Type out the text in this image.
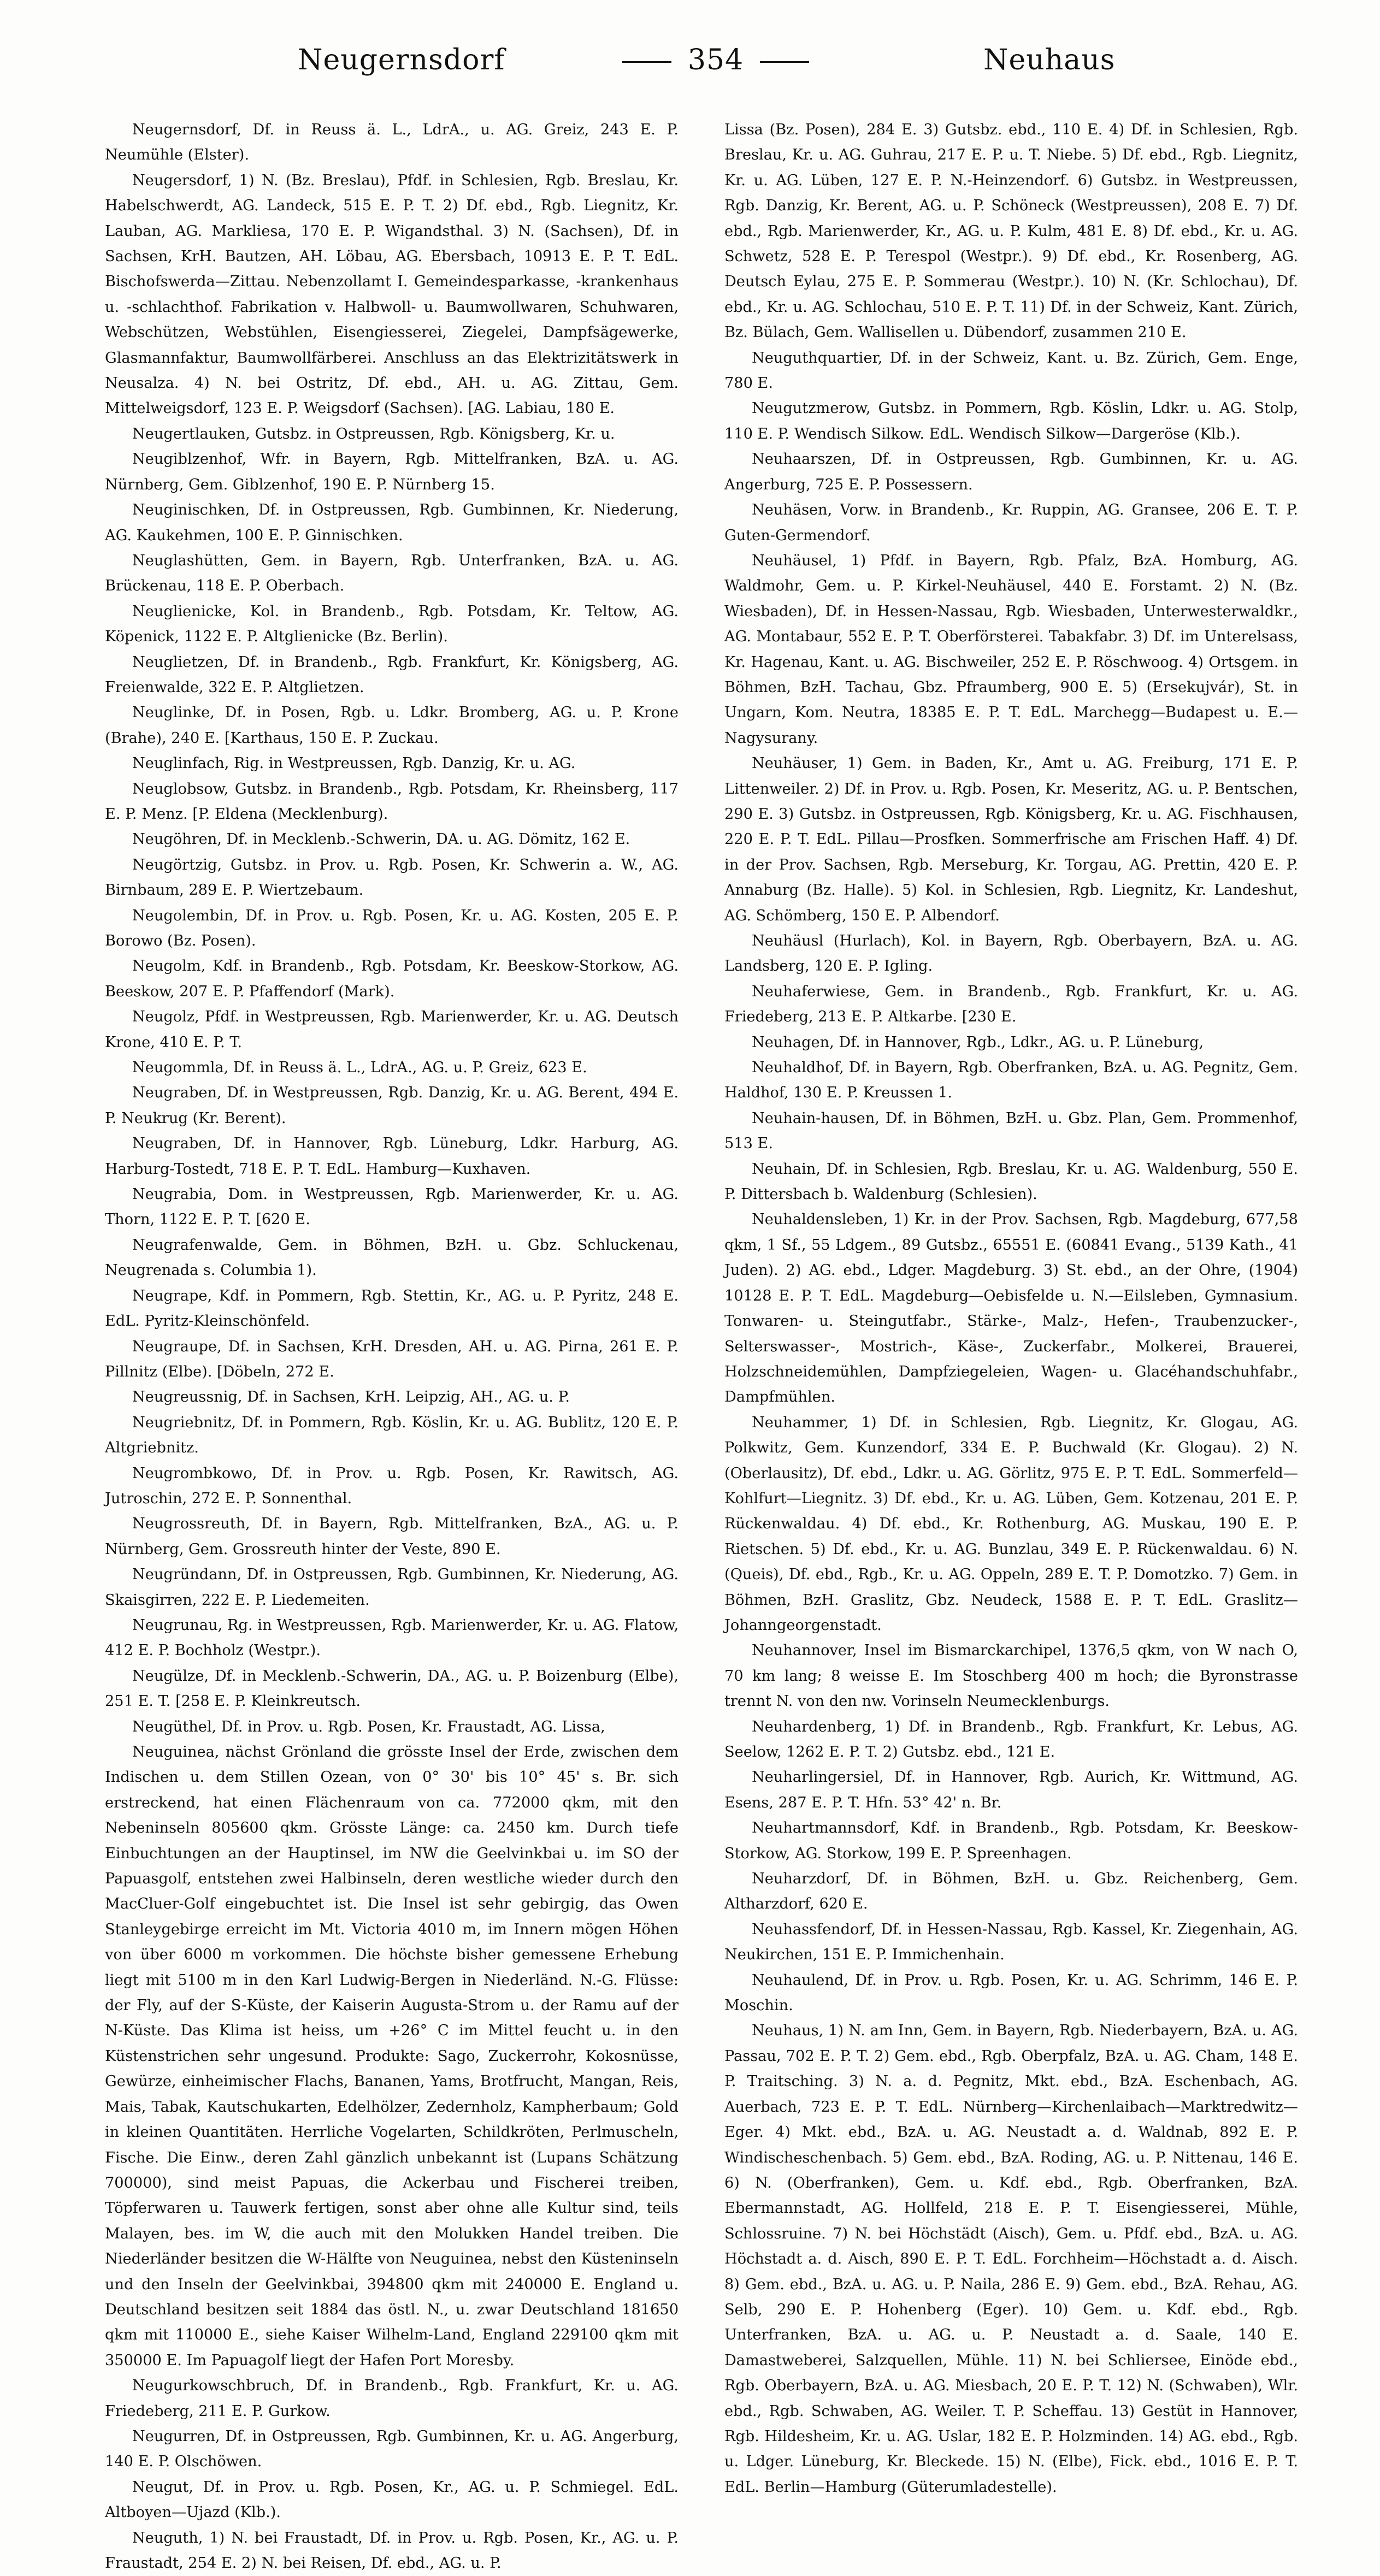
Neugernsdorf	354	Neuhaus

Neugernsdorf, Df. in Reuss ä. L., LdrA., u. AG. Greiz, 243 E. P. Neumühle (Elster).

Neugersdorf, 1) N. (Bz. Breslau), Pfdf. in Schlesien, Rgb. Breslau, Kr. Habelschwerdt, AG. Landeck, 515 E. P. T. 2) Df. ebd., Rgb. Liegnitz, Kr. Lauban, AG. Markliesa, 170 E. P. Wigandsthal. 3) N. (Sachsen), Df. in Sachsen, KrH. Bautzen, AH. Löbau, AG. Ebersbach, 10913 E. P. T. EdL. Bischofswerda—Zittau. Nebenzollamt I. Gemeindesparkasse, -krankenhaus u. -schlachthof. Fabrikation v. Halbwoll- u. Baumwollwaren, Schuhwaren, Webschützen, Webstühlen, Eisengiesserei, Ziegelei, Dampfsägewerke, Glasmannfaktur, Baumwollfärberei. Anschluss an das Elektrizitätswerk in Neusalza. 4) N. bei Ostritz, Df. ebd., AH. u. AG. Zittau, Gem. Mittelweigsdorf, 123 E. P. Weigsdorf (Sachsen). [AG. Labiau, 180 E.

Neugertlauken, Gutsbz. in Ostpreussen, Rgb. Königsberg, Kr. u.

Neugiblzenhof, Wfr. in Bayern, Rgb. Mittelfranken, BzA. u. AG. Nürnberg, Gem. Giblzenhof, 190 E. P. Nürnberg 15.

Neuginischken, Df. in Ostpreussen, Rgb. Gumbinnen, Kr. Niederung, AG. Kaukehmen, 100 E. P. Ginnischken.

Neuglashütten, Gem. in Bayern, Rgb. Unterfranken, BzA. u. AG. Brückenau, 118 E. P. Oberbach.

Neuglienicke, Kol. in Brandenb., Rgb. Potsdam, Kr. Teltow, AG. Köpenick, 1122 E. P. Altglienicke (Bz. Berlin).

Neuglietzen, Df. in Brandenb., Rgb. Frankfurt, Kr. Königsberg, AG. Freienwalde, 322 E. P. Altglietzen.

Neuglinke, Df. in Posen, Rgb. u. Ldkr. Bromberg, AG. u. P. Krone (Brahe), 240 E. [Karthaus, 150 E. P. Zuckau.

Neuglinfach, Rig. in Westpreussen, Rgb. Danzig, Kr. u. AG.

Neuglobsow, Gutsbz. in Brandenb., Rgb. Potsdam, Kr. Rheinsberg, 117 E. P. Menz. [P. Eldena (Mecklenburg).

Neugöhren, Df. in Mecklenb.-Schwerin, DA. u. AG. Dömitz, 162 E.

Neugörtzig, Gutsbz. in Prov. u. Rgb. Posen, Kr. Schwerin a. W., AG. Birnbaum, 289 E. P. Wiertzebaum.

Neugolembin, Df. in Prov. u. Rgb. Posen, Kr. u. AG. Kosten, 205 E. P. Borowo (Bz. Posen).

Neugolm, Kdf. in Brandenb., Rgb. Potsdam, Kr. Beeskow-Storkow, AG. Beeskow, 207 E. P. Pfaffendorf (Mark).

Neugolz, Pfdf. in Westpreussen, Rgb. Marienwerder, Kr. u. AG. Deutsch Krone, 410 E. P. T.

Neugommla, Df. in Reuss ä. L., LdrA., AG. u. P. Greiz, 623 E.

Neugraben, Df. in Westpreussen, Rgb. Danzig, Kr. u. AG. Berent, 494 E. P. Neukrug (Kr. Berent).

Neugraben, Df. in Hannover, Rgb. Lüneburg, Ldkr. Harburg, AG. Harburg-Tostedt, 718 E. P. T. EdL. Hamburg—Kuxhaven.

Neugrabia, Dom. in Westpreussen, Rgb. Marienwerder, Kr. u. AG. Thorn, 1122 E. P. T. [620 E.

Neugrafenwalde, Gem. in Böhmen, BzH. u. Gbz. Schluckenau, Neugrenada s. Columbia 1).

Neugrape, Kdf. in Pommern, Rgb. Stettin, Kr., AG. u. P. Pyritz, 248 E. EdL. Pyritz-Kleinschönfeld.

Neugraupe, Df. in Sachsen, KrH. Dresden, AH. u. AG. Pirna, 261 E. P. Pillnitz (Elbe). [Döbeln, 272 E.

Neugreussnig, Df. in Sachsen, KrH. Leipzig, AH., AG. u. P.

Neugriebnitz, Df. in Pommern, Rgb. Köslin, Kr. u. AG. Bublitz, 120 E. P. Altgriebnitz.

Neugrombkowo, Df. in Prov. u. Rgb. Posen, Kr. Rawitsch, AG. Jutroschin, 272 E. P. Sonnenthal.

Neugrossreuth, Df. in Bayern, Rgb. Mittelfranken, BzA., AG. u. P. Nürnberg, Gem. Grossreuth hinter der Veste, 890 E.

Neugründann, Df. in Ostpreussen, Rgb. Gumbinnen, Kr. Niederung, AG. Skaisgirren, 222 E. P. Liedemeiten.

Neugrunau, Rg. in Westpreussen, Rgb. Marienwerder, Kr. u. AG. Flatow, 412 E. P. Bochholz (Westpr.).

Neugülze, Df. in Mecklenb.-Schwerin, DA., AG. u. P. Boizenburg (Elbe), 251 E. T. [258 E. P. Kleinkreutsch.

Neugüthel, Df. in Prov. u. Rgb. Posen, Kr. Fraustadt, AG. Lissa,

Neuguinea, nächst Grönland die grösste Insel der Erde, zwischen dem Indischen u. dem Stillen Ozean, von 0° 30' bis 10° 45' s. Br. sich erstreckend, hat einen Flächenraum von ca. 772000 qkm, mit den Nebeninseln 805600 qkm. Grösste Länge: ca. 2450 km. Durch tiefe Einbuchtungen an der Hauptinsel, im NW die Geelvinkbai u. im SO der Papuasgolf, entstehen zwei Halbinseln, deren westliche wieder durch den MacCluer-Golf eingebuchtet ist. Die Insel ist sehr gebirgig, das Owen Stanleygebirge erreicht im Mt. Victoria 4010 m, im Innern mögen Höhen von über 6000 m vorkommen. Die höchste bisher gemessene Erhebung liegt mit 5100 m in den Karl Ludwig-Bergen in Niederländ. N.-G. Flüsse: der Fly, auf der S-Küste, der Kaiserin Augusta-Strom u. der Ramu auf der N-Küste. Das Klima ist heiss, um +26° C im Mittel feucht u. in den Küstenstrichen sehr ungesund. Produkte: Sago, Zuckerrohr, Kokosnüsse, Gewürze, einheimischer Flachs, Bananen, Yams, Brotfrucht, Mangan, Reis, Mais, Tabak, Kautschukarten, Edelhölzer, Zedernholz, Kampherbaum; Gold in kleinen Quantitäten. Herrliche Vogelarten, Schildkröten, Perlmuscheln, Fische. Die Einw., deren Zahl gänzlich unbekannt ist (Lupans Schätzung 700000), sind meist Papuas, die Ackerbau und Fischerei treiben, Töpferwaren u. Tauwerk fertigen, sonst aber ohne alle Kultur sind, teils Malayen, bes. im W, die auch mit den Molukken Handel treiben. Die Niederländer besitzen die W-Hälfte von Neuguinea, nebst den Küsteninseln und den Inseln der Geelvinkbai, 394800 qkm mit 240000 E. England u. Deutschland besitzen seit 1884 das östl. N., u. zwar Deutschland 181650 qkm mit 110000 E., siehe Kaiser Wilhelm-Land, England 229100 qkm mit 350000 E. Im Papuagolf liegt der Hafen Port Moresby.

Neugurkowschbruch, Df. in Brandenb., Rgb. Frankfurt, Kr. u. AG. Friedeberg, 211 E. P. Gurkow.

Neugurren, Df. in Ostpreussen, Rgb. Gumbinnen, Kr. u. AG. Angerburg, 140 E. P. Olschöwen.

Neugut, Df. in Prov. u. Rgb. Posen, Kr., AG. u. P. Schmiegel. EdL. Altboyen—Ujazd (Klb.).

Neuguth, 1) N. bei Fraustadt, Df. in Prov. u. Rgb. Posen, Kr., AG. u. P. Fraustadt, 254 E. 2) N. bei Reisen, Df. ebd., AG. u. P.

Lissa (Bz. Posen), 284 E. 3) Gutsbz. ebd., 110 E. 4) Df. in Schlesien, Rgb. Breslau, Kr. u. AG. Guhrau, 217 E. P. u. T. Niebe. 5) Df. ebd., Rgb. Liegnitz, Kr. u. AG. Lüben, 127 E. P. N.-Heinzendorf. 6) Gutsbz. in Westpreussen, Rgb. Danzig, Kr. Berent, AG. u. P. Schöneck (Westpreussen), 208 E. 7) Df. ebd., Rgb. Marienwerder, Kr., AG. u. P. Kulm, 481 E. 8) Df. ebd., Kr. u. AG. Schwetz, 528 E. P. Terespol (Westpr.). 9) Df. ebd., Kr. Rosenberg, AG. Deutsch Eylau, 275 E. P. Sommerau (Westpr.). 10) N. (Kr. Schlochau), Df. ebd., Kr. u. AG. Schlochau, 510 E. P. T. 11) Df. in der Schweiz, Kant. Zürich, Bz. Bülach, Gem. Wallisellen u. Dübendorf, zusammen 210 E.

Neuguthquartier, Df. in der Schweiz, Kant. u. Bz. Zürich, Gem. Enge, 780 E.

Neugutzmerow, Gutsbz. in Pommern, Rgb. Köslin, Ldkr. u. AG. Stolp, 110 E. P. Wendisch Silkow. EdL. Wendisch Silkow—Dargeröse (Klb.).

Neuhaarszen, Df. in Ostpreussen, Rgb. Gumbinnen, Kr. u. AG. Angerburg, 725 E. P. Possessern.

Neuhäsen, Vorw. in Brandenb., Kr. Ruppin, AG. Gransee, 206 E. T. P. Guten-Germendorf.

Neuhäusel, 1) Pfdf. in Bayern, Rgb. Pfalz, BzA. Homburg, AG. Waldmohr, Gem. u. P. Kirkel-Neuhäusel, 440 E. Forstamt. 2) N. (Bz. Wiesbaden), Df. in Hessen-Nassau, Rgb. Wiesbaden, Unterwesterwaldkr., AG. Montabaur, 552 E. P. T. Oberförsterei. Tabakfabr. 3) Df. im Unterelsass, Kr. Hagenau, Kant. u. AG. Bischweiler, 252 E. P. Röschwoog. 4) Ortsgem. in Böhmen, BzH. Tachau, Gbz. Pfraumberg, 900 E. 5) (Ersekujvár), St. in Ungarn, Kom. Neutra, 18385 E. P. T. EdL. Marchegg—Budapest u. E.—Nagysurany.

Neuhäuser, 1) Gem. in Baden, Kr., Amt u. AG. Freiburg, 171 E. P. Littenweiler. 2) Df. in Prov. u. Rgb. Posen, Kr. Meseritz, AG. u. P. Bentschen, 290 E. 3) Gutsbz. in Ostpreussen, Rgb. Königsberg, Kr. u. AG. Fischhausen, 220 E. P. T. EdL. Pillau—Prosfken. Sommerfrische am Frischen Haff. 4) Df. in der Prov. Sachsen, Rgb. Merseburg, Kr. Torgau, AG. Prettin, 420 E. P. Annaburg (Bz. Halle). 5) Kol. in Schlesien, Rgb. Liegnitz, Kr. Landeshut, AG. Schömberg, 150 E. P. Albendorf.

Neuhäusl (Hurlach), Kol. in Bayern, Rgb. Oberbayern, BzA. u. AG. Landsberg, 120 E. P. Igling.

Neuhaferwiese, Gem. in Brandenb., Rgb. Frankfurt, Kr. u. AG. Friedeberg, 213 E. P. Altkarbe. [230 E.

Neuhagen, Df. in Hannover, Rgb., Ldkr., AG. u. P. Lüneburg,

Neuhaldhof, Df. in Bayern, Rgb. Oberfranken, BzA. u. AG. Pegnitz, Gem. Haldhof, 130 E. P. Kreussen 1.

Neuhain-hausen, Df. in Böhmen, BzH. u. Gbz. Plan, Gem. Prommenhof, 513 E.

Neuhain, Df. in Schlesien, Rgb. Breslau, Kr. u. AG. Waldenburg, 550 E. P. Dittersbach b. Waldenburg (Schlesien).

Neuhaldensleben, 1) Kr. in der Prov. Sachsen, Rgb. Magdeburg, 677,58 qkm, 1 Sf., 55 Ldgem., 89 Gutsbz., 65551 E. (60841 Evang., 5139 Kath., 41 Juden). 2) AG. ebd., Ldger. Magdeburg. 3) St. ebd., an der Ohre, (1904) 10128 E. P. T. EdL. Magdeburg—Oebisfelde u. N.—Eilsleben, Gymnasium. Tonwaren- u. Steingutfabr., Stärke-, Malz-, Hefen-, Traubenzucker-, Selterswasser-, Mostrich-, Käse-, Zuckerfabr., Molkerei, Brauerei, Holzschneidemühlen, Dampfziegeleien, Wagen- u. Glacéhandschuhfabr., Dampfmühlen.

Neuhammer, 1) Df. in Schlesien, Rgb. Liegnitz, Kr. Glogau, AG. Polkwitz, Gem. Kunzendorf, 334 E. P. Buchwald (Kr. Glogau). 2) N. (Oberlausitz), Df. ebd., Ldkr. u. AG. Görlitz, 975 E. P. T. EdL. Sommerfeld—Kohlfurt—Liegnitz. 3) Df. ebd., Kr. u. AG. Lüben, Gem. Kotzenau, 201 E. P. Rückenwaldau. 4) Df. ebd., Kr. Rothenburg, AG. Muskau, 190 E. P. Rietschen. 5) Df. ebd., Kr. u. AG. Bunzlau, 349 E. P. Rückenwaldau. 6) N. (Queis), Df. ebd., Rgb., Kr. u. AG. Oppeln, 289 E. T. P. Domotzko. 7) Gem. in Böhmen, BzH. Graslitz, Gbz. Neudeck, 1588 E. P. T. EdL. Graslitz—Johanngeorgenstadt.

Neuhannover, Insel im Bismarckarchipel, 1376,5 qkm, von W nach O, 70 km lang; 8 weisse E. Im Stoschberg 400 m hoch; die Byronstrasse trennt N. von den nw. Vorinseln Neumecklenburgs.

Neuhardenberg, 1) Df. in Brandenb., Rgb. Frankfurt, Kr. Lebus, AG. Seelow, 1262 E. P. T. 2) Gutsbz. ebd., 121 E.

Neuharlingersiel, Df. in Hannover, Rgb. Aurich, Kr. Wittmund, AG. Esens, 287 E. P. T. Hfn. 53° 42' n. Br.

Neuhartmannsdorf, Kdf. in Brandenb., Rgb. Potsdam, Kr. Beeskow-Storkow, AG. Storkow, 199 E. P. Spreenhagen.

Neuharzdorf, Df. in Böhmen, BzH. u. Gbz. Reichenberg, Gem. Altharzdorf, 620 E.

Neuhassfendorf, Df. in Hessen-Nassau, Rgb. Kassel, Kr. Ziegenhain, AG. Neukirchen, 151 E. P. Immichenhain.

Neuhaulend, Df. in Prov. u. Rgb. Posen, Kr. u. AG. Schrimm, 146 E. P. Moschin.

Neuhaus, 1) N. am Inn, Gem. in Bayern, Rgb. Niederbayern, BzA. u. AG. Passau, 702 E. P. T. 2) Gem. ebd., Rgb. Oberpfalz, BzA. u. AG. Cham, 148 E. P. Traitsching. 3) N. a. d. Pegnitz, Mkt. ebd., BzA. Eschenbach, AG. Auerbach, 723 E. P. T. EdL. Nürnberg—Kirchenlaibach—Marktredwitz—Eger. 4) Mkt. ebd., BzA. u. AG. Neustadt a. d. Waldnab, 892 E. P. Windischeschenbach. 5) Gem. ebd., BzA. Roding, AG. u. P. Nittenau, 146 E. 6) N. (Oberfranken), Gem. u. Kdf. ebd., Rgb. Oberfranken, BzA. Ebermannstadt, AG. Hollfeld, 218 E. P. T. Eisengiesserei, Mühle, Schlossruine. 7) N. bei Höchstädt (Aisch), Gem. u. Pfdf. ebd., BzA. u. AG. Höchstadt a. d. Aisch, 890 E. P. T. EdL. Forchheim—Höchstadt a. d. Aisch. 8) Gem. ebd., BzA. u. AG. u. P. Naila, 286 E. 9) Gem. ebd., BzA. Rehau, AG. Selb, 290 E. P. Hohenberg (Eger). 10) Gem. u. Kdf. ebd., Rgb. Unterfranken, BzA. u. AG. u. P. Neustadt a. d. Saale, 140 E. Damastweberei, Salzquellen, Mühle. 11) N. bei Schliersee, Einöde ebd., Rgb. Oberbayern, BzA. u. AG. Miesbach, 20 E. P. T. 12) N. (Schwaben), Wlr. ebd., Rgb. Schwaben, AG. Weiler. T. P. Scheffau. 13) Gestüt in Hannover, Rgb. Hildesheim, Kr. u. AG. Uslar, 182 E. P. Holzminden. 14) AG. ebd., Rgb. u. Ldger. Lüneburg, Kr. Bleckede. 15) N. (Elbe), Fick. ebd., 1016 E. P. T. EdL. Berlin—Hamburg (Güterumladestelle).
